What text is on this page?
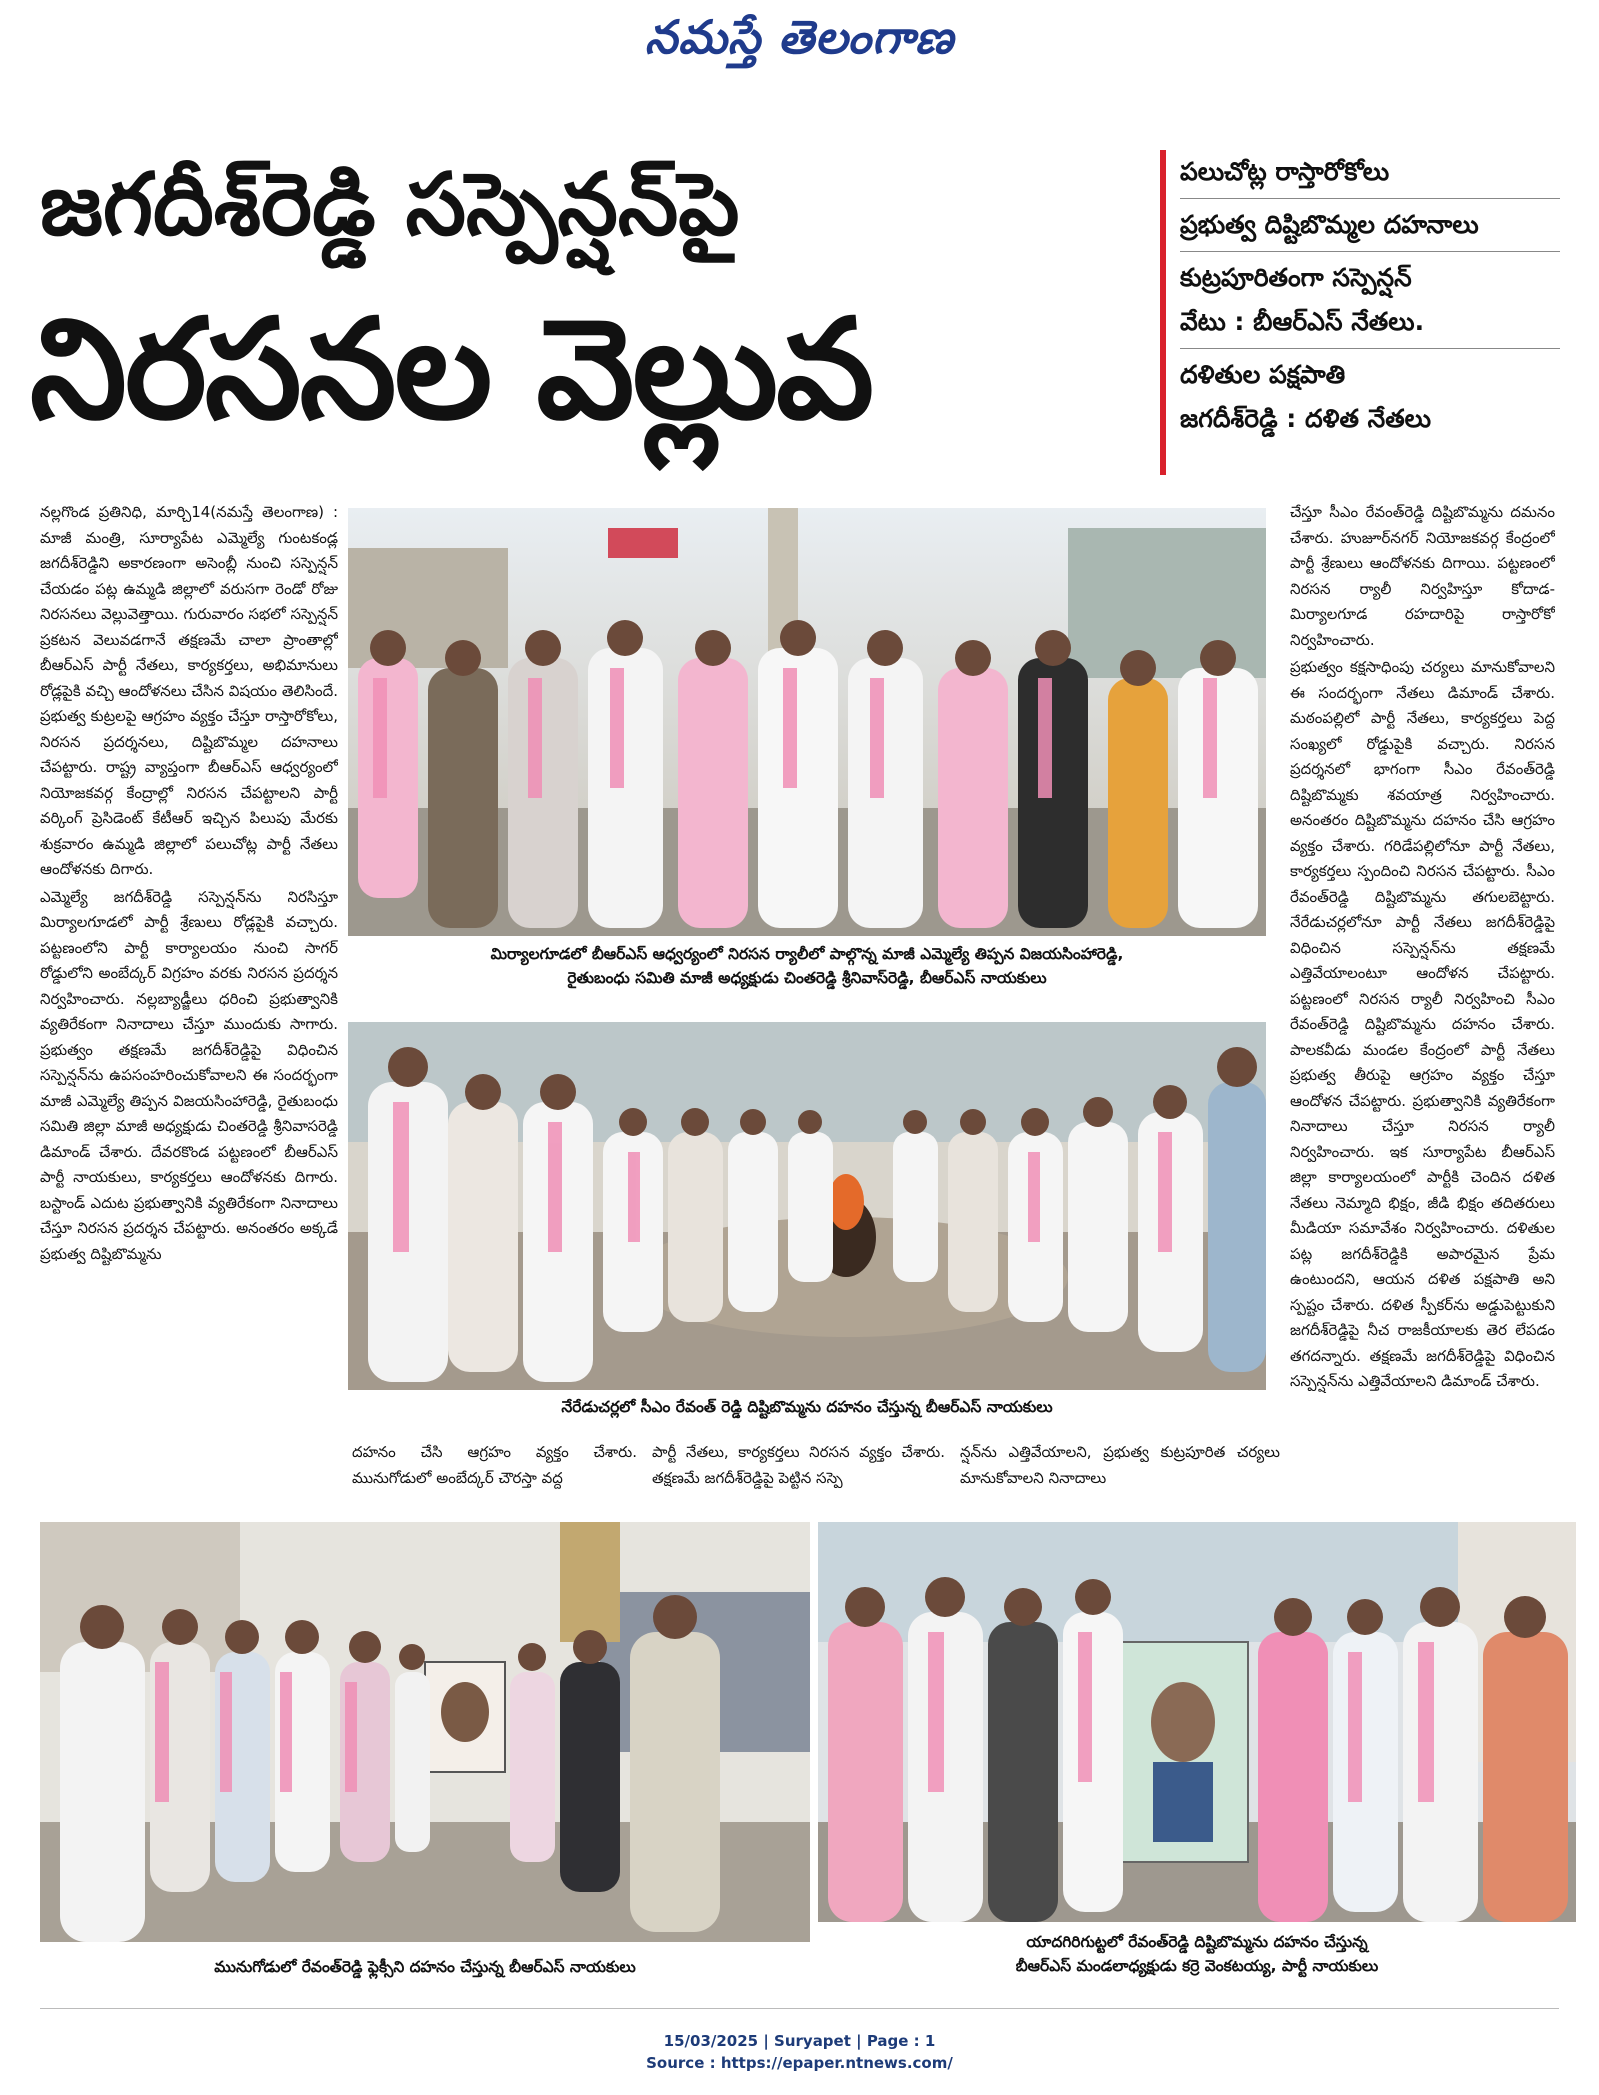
నమస్తే తెలంగాణ
జగదీశ్‌రెడ్డి సస్పెన్షన్‌పై
నిరసనల వెల్లువ
పలుచోట్ల రాస్తారోకోలు
ప్రభుత్వ దిష్టిబొమ్మల దహనాలు
కుట్రపూరితంగా సస్పెన్షన్
వేటు : బీఆర్‌ఎస్ నేతలు.
దళితుల పక్షపాతి
జగదీశ్‌రెడ్డి : దళిత నేతలు

నల్లగొండ ప్రతినిధి, మార్చి14(నమస్తే తెలంగాణ) : మాజీ మంత్రి, సూర్యాపేట ఎమ్మెల్యే గుంటకండ్ల జగదీశ్‌రెడ్డిని అకారణంగా అసెంబ్లీ నుంచి సస్పెన్షన్ చేయడం పట్ల ఉమ్మడి జిల్లాలో వరుసగా రెండో రోజు నిరసనలు వెల్లువెత్తాయి. గురువారం సభలో సస్పెన్షన్ ప్రకటన వెలువడగానే తక్షణమే చాలా ప్రాంతాల్లో బీఆర్‌ఎస్ పార్టీ నేతలు, కార్యకర్తలు, అభిమానులు రోడ్లపైకి వచ్చి ఆందోళనలు చేసిన విషయం తెలిసిందే. ప్రభుత్వ కుట్రలపై ఆగ్రహం వ్యక్తం చేస్తూ రాస్తారోకోలు, నిరసన ప్రదర్శనలు, దిష్టిబొమ్మల దహనాలు చేపట్టారు. రాష్ట్ర వ్యాప్తంగా బీఆర్‌ఎస్ ఆధ్వర్యంలో నియోజకవర్గ కేంద్రాల్లో నిరసన చేపట్టాలని పార్టీ వర్కింగ్ ప్రెసిడెంట్ కేటీఆర్ ఇచ్చిన పిలుపు మేరకు శుక్రవారం ఉమ్మడి జిల్లాలో పలుచోట్ల పార్టీ నేతలు ఆందోళనకు దిగారు.

ఎమ్మెల్యే జగదీశ్‌రెడ్డి సస్పెన్షన్‌ను నిరసిస్తూ మిర్యాలగూడలో పార్టీ శ్రేణులు రోడ్లపైకి వచ్చారు. పట్టణంలోని పార్టీ కార్యాలయం నుంచి సాగర్ రోడ్డులోని అంబేద్కర్ విగ్రహం వరకు నిరసన ప్రదర్శన నిర్వహించారు. నల్లబ్యాడ్జీలు ధరించి ప్రభుత్వానికి వ్యతిరేకంగా నినాదాలు చేస్తూ ముందుకు సాగారు. ప్రభుత్వం తక్షణమే జగదీశ్‌రెడ్డిపై విధించిన సస్పెన్షన్‌ను ఉపసంహరించుకోవాలని ఈ సందర్భంగా మాజీ ఎమ్మెల్యే తిప్పన విజయసింహారెడ్డి, రైతుబంధు సమితి జిల్లా మాజీ అధ్యక్షుడు చింతరెడ్డి శ్రీనివాసరెడ్డి డిమాండ్ చేశారు. దేవరకొండ పట్టణంలో బీఆర్‌ఎస్ పార్టీ నాయకులు, కార్యకర్తలు ఆందోళనకు దిగారు. బస్టాండ్ ఎదుట ప్రభుత్వానికి వ్యతిరేకంగా నినాదాలు చేస్తూ నిరసన ప్రదర్శన చేపట్టారు. అనంతరం అక్కడే ప్రభుత్వ దిష్టిబొమ్మను

మిర్యాలగూడలో బీఆర్‌ఎస్ ఆధ్వర్యంలో నిరసన ర్యాలీలో పాల్గొన్న మాజీ ఎమ్మెల్యే తిప్పన విజయసింహారెడ్డి,
రైతుబంధు సమితి మాజీ అధ్యక్షుడు చింతరెడ్డి శ్రీనివాస్‌రెడ్డి, బీఆర్‌ఎస్ నాయకులు
నేరేడుచర్లలో సీఎం రేవంత్ రెడ్డి దిష్టిబొమ్మను దహనం చేస్తున్న బీఆర్‌ఎస్ నాయకులు
దహనం చేసి ఆగ్రహం వ్యక్తం చేశారు. మునుగోడులో అంబేద్కర్ చౌరస్తా వద్ద
పార్టీ నేతలు, కార్యకర్తలు నిరసన వ్యక్తం చేశారు. తక్షణమే జగదీశ్‌రెడ్డిపై పెట్టిన సస్పె
న్షన్‌ను ఎత్తివేయాలని, ప్రభుత్వ కుట్రపూరిత చర్యలు మానుకోవాలని నినాదాలు

చేస్తూ సీఎం రేవంత్‌రెడ్డి దిష్టిబొమ్మను దమనం చేశారు. హుజూర్‌నగర్ నియోజకవర్గ కేంద్రంలో పార్టీ శ్రేణులు ఆందోళనకు దిగాయి. పట్టణంలో నిరసన ర్యాలీ నిర్వహిస్తూ కోదాడ-మిర్యాలగూడ రహదారిపై రాస్తారోకో నిర్వహించారు.

ప్రభుత్వం కక్షసాధింపు చర్యలు మానుకోవాలని ఈ సందర్భంగా నేతలు డిమాండ్ చేశారు. మఠంపల్లిలో పార్టీ నేతలు, కార్యకర్తలు పెద్ద సంఖ్యలో రోడ్డుపైకి వచ్చారు. నిరసన ప్రదర్శనలో భాగంగా సీఎం రేవంత్‌రెడ్డి దిష్టిబొమ్మకు శవయాత్ర నిర్వహించారు. అనంతరం దిష్టిబొమ్మను దహనం చేసి ఆగ్రహం వ్యక్తం చేశారు. గరిడేపల్లిలోనూ పార్టీ నేతలు, కార్యకర్తలు స్పందించి నిరసన చేపట్టారు. సీఎం రేవంత్‌రెడ్డి దిష్టిబొమ్మను తగులబెట్టారు. నేరేడుచర్లలోనూ పార్టీ నేతలు జగదీశ్‌రెడ్డిపై విధించిన సస్పెన్షన్‌ను తక్షణమే ఎత్తివేయాలంటూ ఆందోళన చేపట్టారు. పట్టణంలో నిరసన ర్యాలీ నిర్వహించి సీఎం రేవంత్‌రెడ్డి దిష్టిబొమ్మను దహనం చేశారు. పాలకవీడు మండల కేంద్రంలో పార్టీ నేతలు ప్రభుత్వ తీరుపై ఆగ్రహం వ్యక్తం చేస్తూ ఆందోళన చేపట్టారు. ప్రభుత్వానికి వ్యతిరేకంగా నినాదాలు చేస్తూ నిరసన ర్యాలీ నిర్వహించారు. ఇక సూర్యాపేట బీఆర్‌ఎస్ జిల్లా కార్యాలయంలో పార్టీకి చెందిన దళిత నేతలు నెమ్మాది భిక్షం, జీడి భిక్షం తదితరులు మీడియా సమావేశం నిర్వహించారు. దళితుల పట్ల జగదీశ్‌రెడ్డికి అపారమైన ప్రేమ ఉంటుందని, ఆయన దళిత పక్షపాతి అని స్పష్టం చేశారు. దళిత స్పీకర్‌ను అడ్డుపెట్టుకుని జగదీశ్‌రెడ్డిపై నీచ రాజకీయాలకు తెర లేపడం తగదన్నారు. తక్షణమే జగదీశ్‌రెడ్డిపై విధించిన సస్పెన్షన్‌ను ఎత్తివేయాలని డిమాండ్ చేశారు.

మునుగోడులో రేవంత్‌రెడ్డి ఫ్లెక్సీని దహనం చేస్తున్న బీఆర్‌ఎస్ నాయకులు
యాదగిరిగుట్టలో రేవంత్‌రెడ్డి దిష్టిబొమ్మను దహనం చేస్తున్న
బీఆర్‌ఎస్ మండలాధ్యక్షుడు కర్రె వెంకటయ్య, పార్టీ నాయకులు
15/03/2025 | Suryapet | Page : 1
Source : https://epaper.ntnews.com/
